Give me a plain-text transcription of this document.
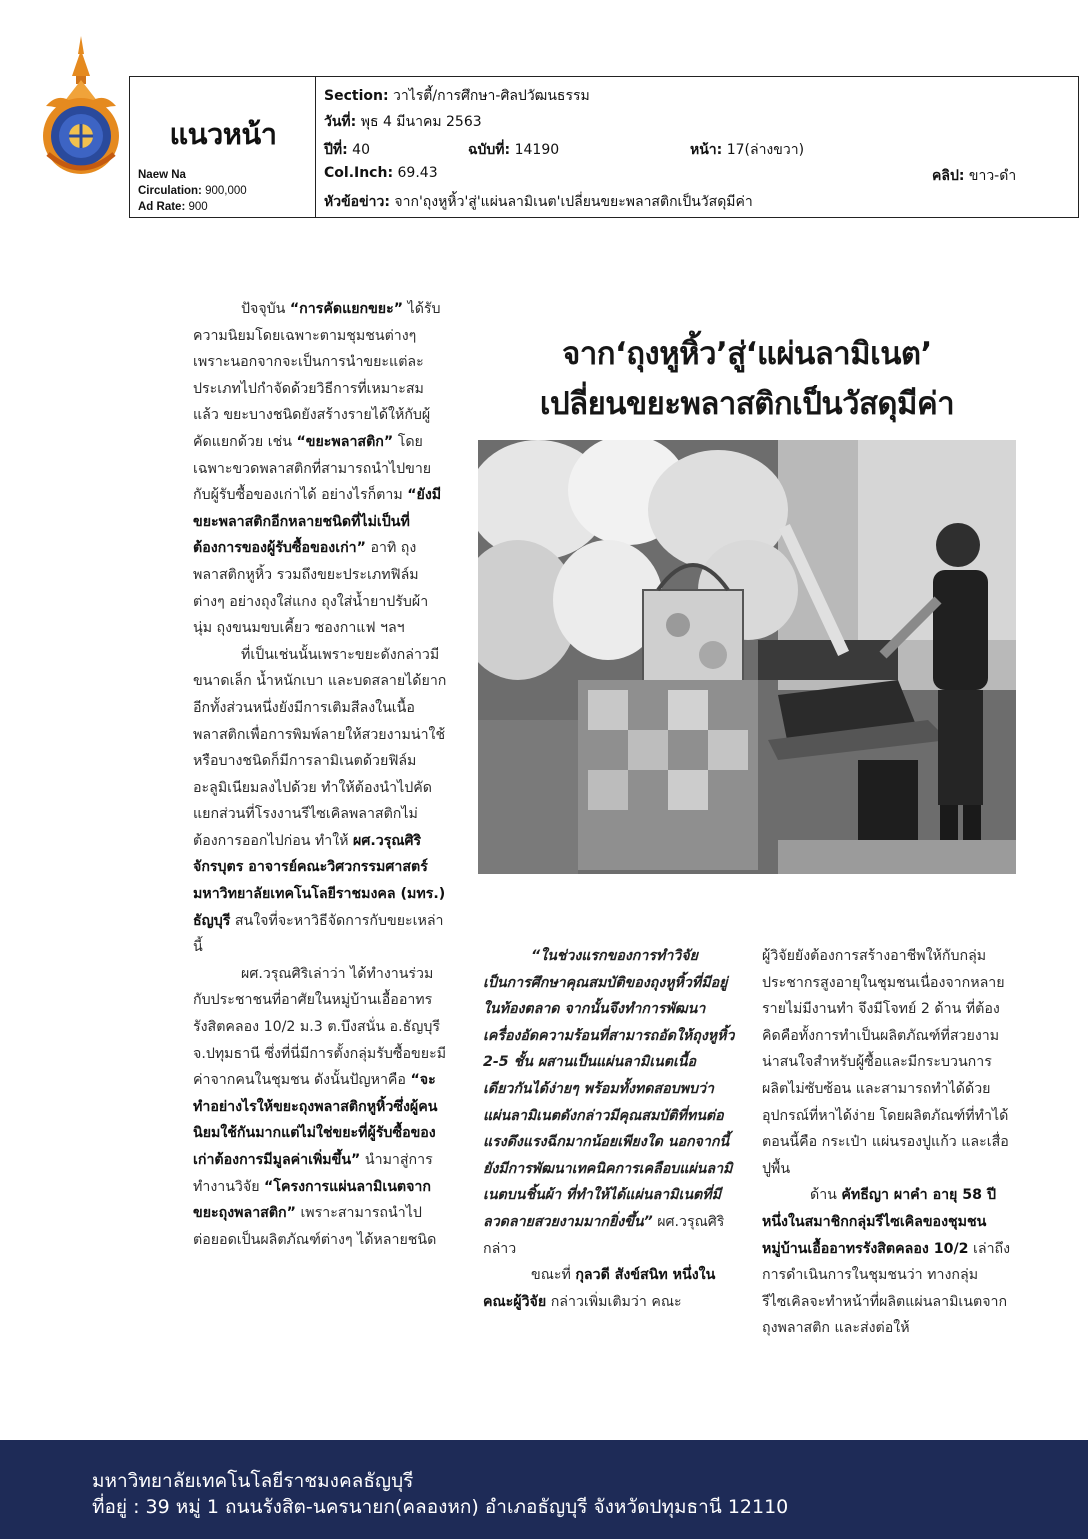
แนวหน้า
Naew Na
Circulation: 900,000
Ad Rate: 900
Section: วาไรตี้/การศึกษา-ศิลปวัฒนธรรม
วันที่: พุธ 4 มีนาคม 2563
ปีที่: 40	ฉบับที่: 14190	หน้า: 17(ล่างขวา)
Col.Inch: 69.43	คลิป: ขาว-ดำ
หัวข้อข่าว: จาก'ถุงหูหิ้ว'สู่'แผ่นลามิเนต'เปลี่ยนขยะพลาสติกเป็นวัสดุมีค่า
จาก‘ถุงหูหิ้ว’สู่‘แผ่นลามิเนต’
เปลี่ยนขยะพลาสติกเป็นวัสดุมีค่า

ปัจจุบัน “การคัดแยกขยะ” ได้รับความนิยมโดยเฉพาะตามชุมชนต่างๆ เพราะนอกจากจะเป็นการนำขยะแต่ละประเภทไปกำจัดด้วยวิธีการที่เหมาะสมแล้ว ขยะบางชนิดยังสร้างรายได้ให้กับผู้คัดแยกด้วย เช่น “ขยะพลาสติก” โดยเฉพาะขวดพลาสติกที่สามารถนำไปขายกับผู้รับซื้อของเก่าได้ อย่างไรก็ตาม “ยังมีขยะพลาสติกอีกหลายชนิดที่ไม่เป็นที่ต้องการของผู้รับซื้อของเก่า” อาทิ ถุงพลาสติกหูหิ้ว รวมถึงขยะประเภทฟิล์มต่างๆ อย่างถุงใส่แกง ถุงใส่น้ำยาปรับผ้านุ่ม ถุงขนมขบเคี้ยว ซองกาแฟ ฯลฯ

ที่เป็นเช่นนั้นเพราะขยะดังกล่าวมีขนาดเล็ก น้ำหนักเบา และบดสลายได้ยาก อีกทั้งส่วนหนึ่งยังมีการเติมสีลงในเนื้อพลาสติกเพื่อการพิมพ์ลายให้สวยงามน่าใช้ หรือบางชนิดก็มีการลามิเนตด้วยฟิล์มอะลูมิเนียมลงไปด้วย ทำให้ต้องนำไปคัดแยกส่วนที่โรงงานรีไซเคิลพลาสติกไม่ต้องการออกไปก่อน ทำให้ ผศ.วรุณศิริ จักรบุตร อาจารย์คณะวิศวกรรมศาสตร์ มหาวิทยาลัยเทคโนโลยีราชมงคล (มทร.) ธัญบุรี สนใจที่จะหาวิธีจัดการกับขยะเหล่านี้

ผศ.วรุณศิริเล่าว่า ได้ทำงานร่วมกับประชาชนที่อาศัยในหมู่บ้านเอื้ออาทรรังสิตคลอง 10/2 ม.3 ต.บึงสนั่น อ.ธัญบุรี จ.ปทุมธานี ซึ่งที่นี่มีการตั้งกลุ่มรับซื้อขยะมีค่าจากคนในชุมชน ดังนั้นปัญหาคือ “จะทำอย่างไรให้ขยะถุงพลาสติกหูหิ้วซึ่งผู้คนนิยมใช้กันมากแต่ไม่ใช่ขยะที่ผู้รับซื้อของเก่าต้องการมีมูลค่าเพิ่มขึ้น” นำมาสู่การทำงานวิจัย “โครงการแผ่นลามิเนตจากขยะถุงพลาสติก” เพราะสามารถนำไปต่อยอดเป็นผลิตภัณฑ์ต่างๆ ได้หลายชนิด

“ในช่วงแรกของการทำวิจัยเป็นการศึกษาคุณสมบัติของถุงหูหิ้วที่มีอยู่ในท้องตลาด จากนั้นจึงทำการพัฒนาเครื่องอัดความร้อนที่สามารถอัดให้ถุงหูหิ้ว 2-5 ชั้น ผสานเป็นแผ่นลามิเนตเนื้อเดียวกันได้ง่ายๆ พร้อมทั้งทดสอบพบว่าแผ่นลามิเนตดังกล่าวมีคุณสมบัติที่ทนต่อแรงดึงแรงฉีกมากน้อยเพียงใด นอกจากนี้ยังมีการพัฒนาเทคนิคการเคลือบแผ่นลามิเนตบนชิ้นผ้า ที่ทำให้ได้แผ่นลามิเนตที่มีลวดลายสวยงามมากยิ่งขึ้น” ผศ.วรุณศิริ กล่าว

ขณะที่ กุลวดี สังข์สนิท หนึ่งในคณะผู้วิจัย กล่าวเพิ่มเติมว่า คณะ

ผู้วิจัยยังต้องการสร้างอาชีพให้กับกลุ่มประชากรสูงอายุในชุมชนเนื่องจากหลายรายไม่มีงานทำ จึงมีโจทย์ 2 ด้าน ที่ต้องคิดคือทั้งการทำเป็นผลิตภัณฑ์ที่สวยงามน่าสนใจสำหรับผู้ซื้อและมีกระบวนการผลิตไม่ซับซ้อน และสามารถทำได้ด้วยอุปกรณ์ที่หาได้ง่าย โดยผลิตภัณฑ์ที่ทำได้ตอนนี้คือ กระเป๋า แผ่นรองปูแก้ว และเสื่อปูพื้น

ด้าน คัทธีญา ผาคำ อายุ 58 ปี หนึ่งในสมาชิกกลุ่มรีไซเคิลของชุมชนหมู่บ้านเอื้ออาทรรังสิตคลอง 10/2 เล่าถึงการดำเนินการในชุมชนว่า ทางกลุ่มรีไซเคิลจะทำหน้าที่ผลิตแผ่นลามิเนตจากถุงพลาสติก และส่งต่อให้

มหาวิทยาลัยเทคโนโลยีราชมงคลธัญบุรี
ที่อยู่ : 39 หมู่ 1 ถนนรังสิต-นครนายก(คลองหก) อำเภอธัญบุรี จังหวัดปทุมธานี 12110
